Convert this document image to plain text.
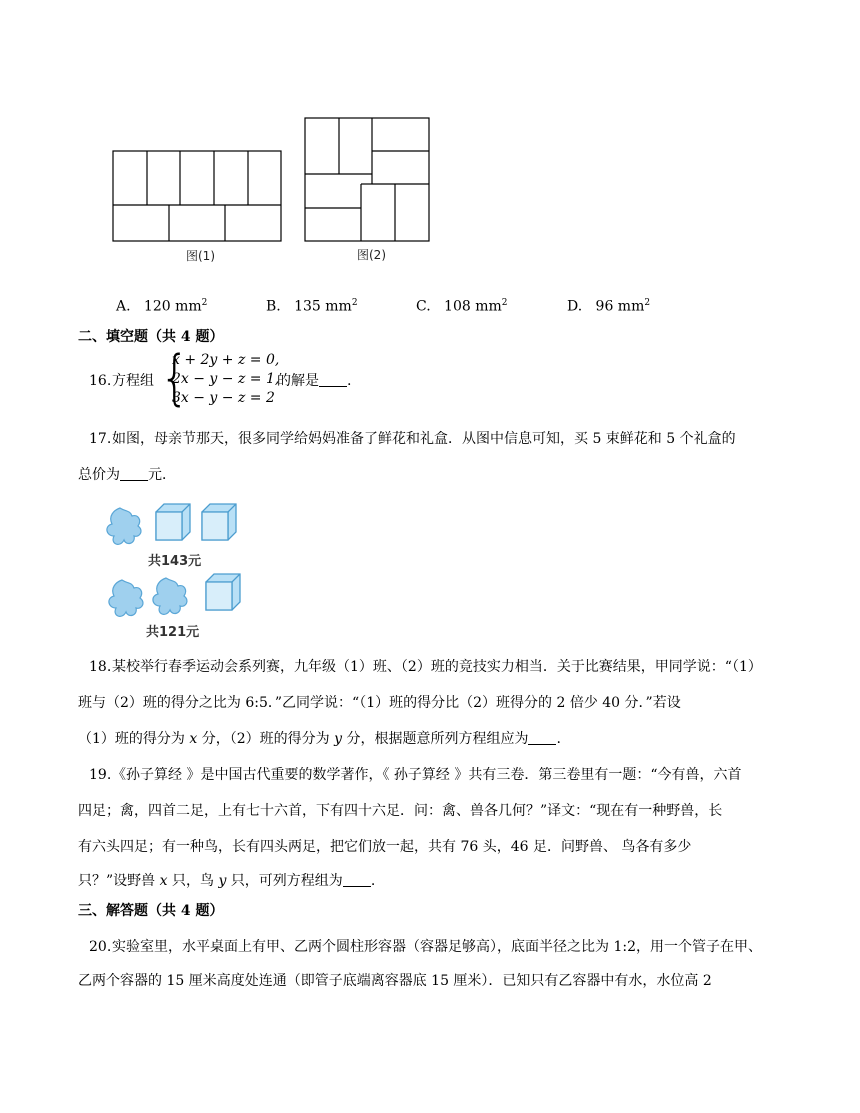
图(1)	图(2)
A. 120 $mm^2$	B. 135 $mm^2$	C. 108 $mm^2$	D. 96 $mm^2$
二、填空题（共 4 题）
16. 方程组 {
x + 2y + z = 0,
2x − y − z = 1,
3x − y − z = 2
的解是 .
17. 如图，母亲节那天，很多同学给妈妈准备了鲜花和礼盒．从图中信息可知，买 5 束鲜花和 5 个礼盒的
总价为 元．
共143元
共121元
18. 某校举行春季运动会系列赛，九年级（1）班、（2）班的竞技实力相当．关于比赛结果，甲同学说：“（1）
班与（2）班的得分之比为 6:5．”乙同学说：“（1）班的得分比（2）班得分的 2 倍少 40 分．”若设
（1）班的得分为 x 分，（2）班的得分为 y 分，根据题意所列方程组应为 .
19. 《孙子算经 》是中国古代重要的数学著作，《 孙子算经 》共有三卷．第三卷里有一题：“今有兽，六首
四足；禽，四首二足，上有七十六首，下有四十六足．问：禽、兽各几何？”译文：“现在有一种野兽，长
有六头四足；有一种鸟，长有四头两足，把它们放一起，共有 76 头，46 足．问野兽、 鸟各有多少
只？”设野兽 x 只，鸟 y 只，可列方程组为 .
三、解答题（共 4 题）
20. 实验室里，水平桌面上有甲、乙两个圆柱形容器（容器足够高），底面半径之比为 1:2，用一个管子在甲、
乙两个容器的 15 厘米高度处连通（即管子底端离容器底 15 厘米）．已知只有乙容器中有水，水位高 2
